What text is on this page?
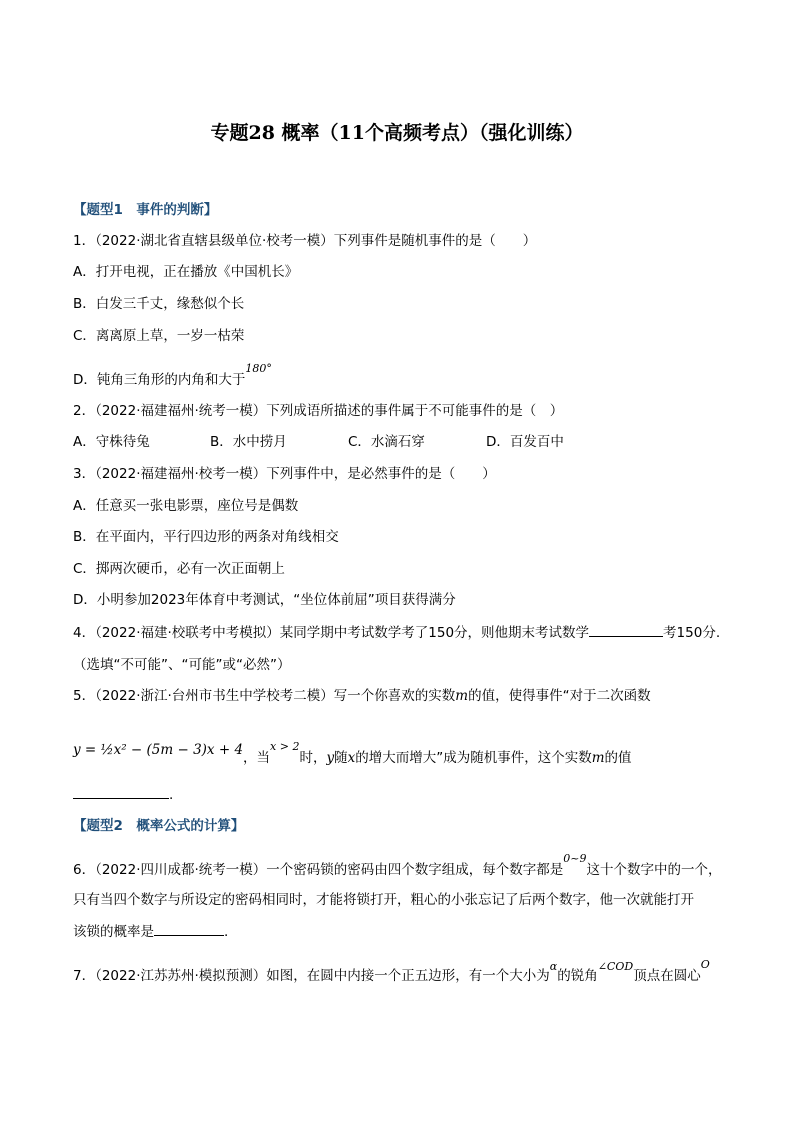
专题28 概率（11个高频考点）（强化训练）
【题型1　事件的判断】
1．（2022·湖北省直辖县级单位·校考一模）下列事件是随机事件的是（　　）
A．打开电视，正在播放《中国机长》
B．白发三千丈，缘愁似个长
C．离离原上草，一岁一枯荣
D．钝角三角形的内角和大于$^{180^\circ}$
2．（2022·福建福州·统考一模）下列成语所描述的事件属于不可能事件的是（　）
A．守株待兔	B．水中捞月	C．水滴石穿	D．百发百中
3．（2022·福建福州·校考一模）下列事件中，是必然事件的是（　　）
A．任意买一张电影票，座位号是偶数
B．在平面内，平行四边形的两条对角线相交
C．掷两次硬币，必有一次正面朝上
D．小明参加2023年体育中考测试，“坐位体前屈”项目获得满分
4．（2022·福建·校联考中考模拟）某同学期中考试数学考了150分，则他期末考试数学	考150分.
（选填“不可能”、“可能”或“必然”）
5．（2022·浙江·台州市书生中学校考二模）写一个你喜欢的实数m的值，使得事件“对于二次函数
y = ½x² − (5m − 3)x + 4，当$^{x > 2}$时，y随x的增大而增大”成为随机事件，这个实数m的值
.
【题型2　概率公式的计算】
6．（2022·四川成都·统考一模）一个密码锁的密码由四个数字组成，每个数字都是$^{0\sim 9}$这十个数字中的一个，
只有当四个数字与所设定的密码相同时，才能将锁打开，粗心的小张忘记了后两个数字，他一次就能打开
该锁的概率是	.
7．（2022·江苏苏州·模拟预测）如图，在圆中内接一个正五边形，有一个大小为$^\alpha$的锐角$^{\angle COD}$顶点在圆心$^O$
